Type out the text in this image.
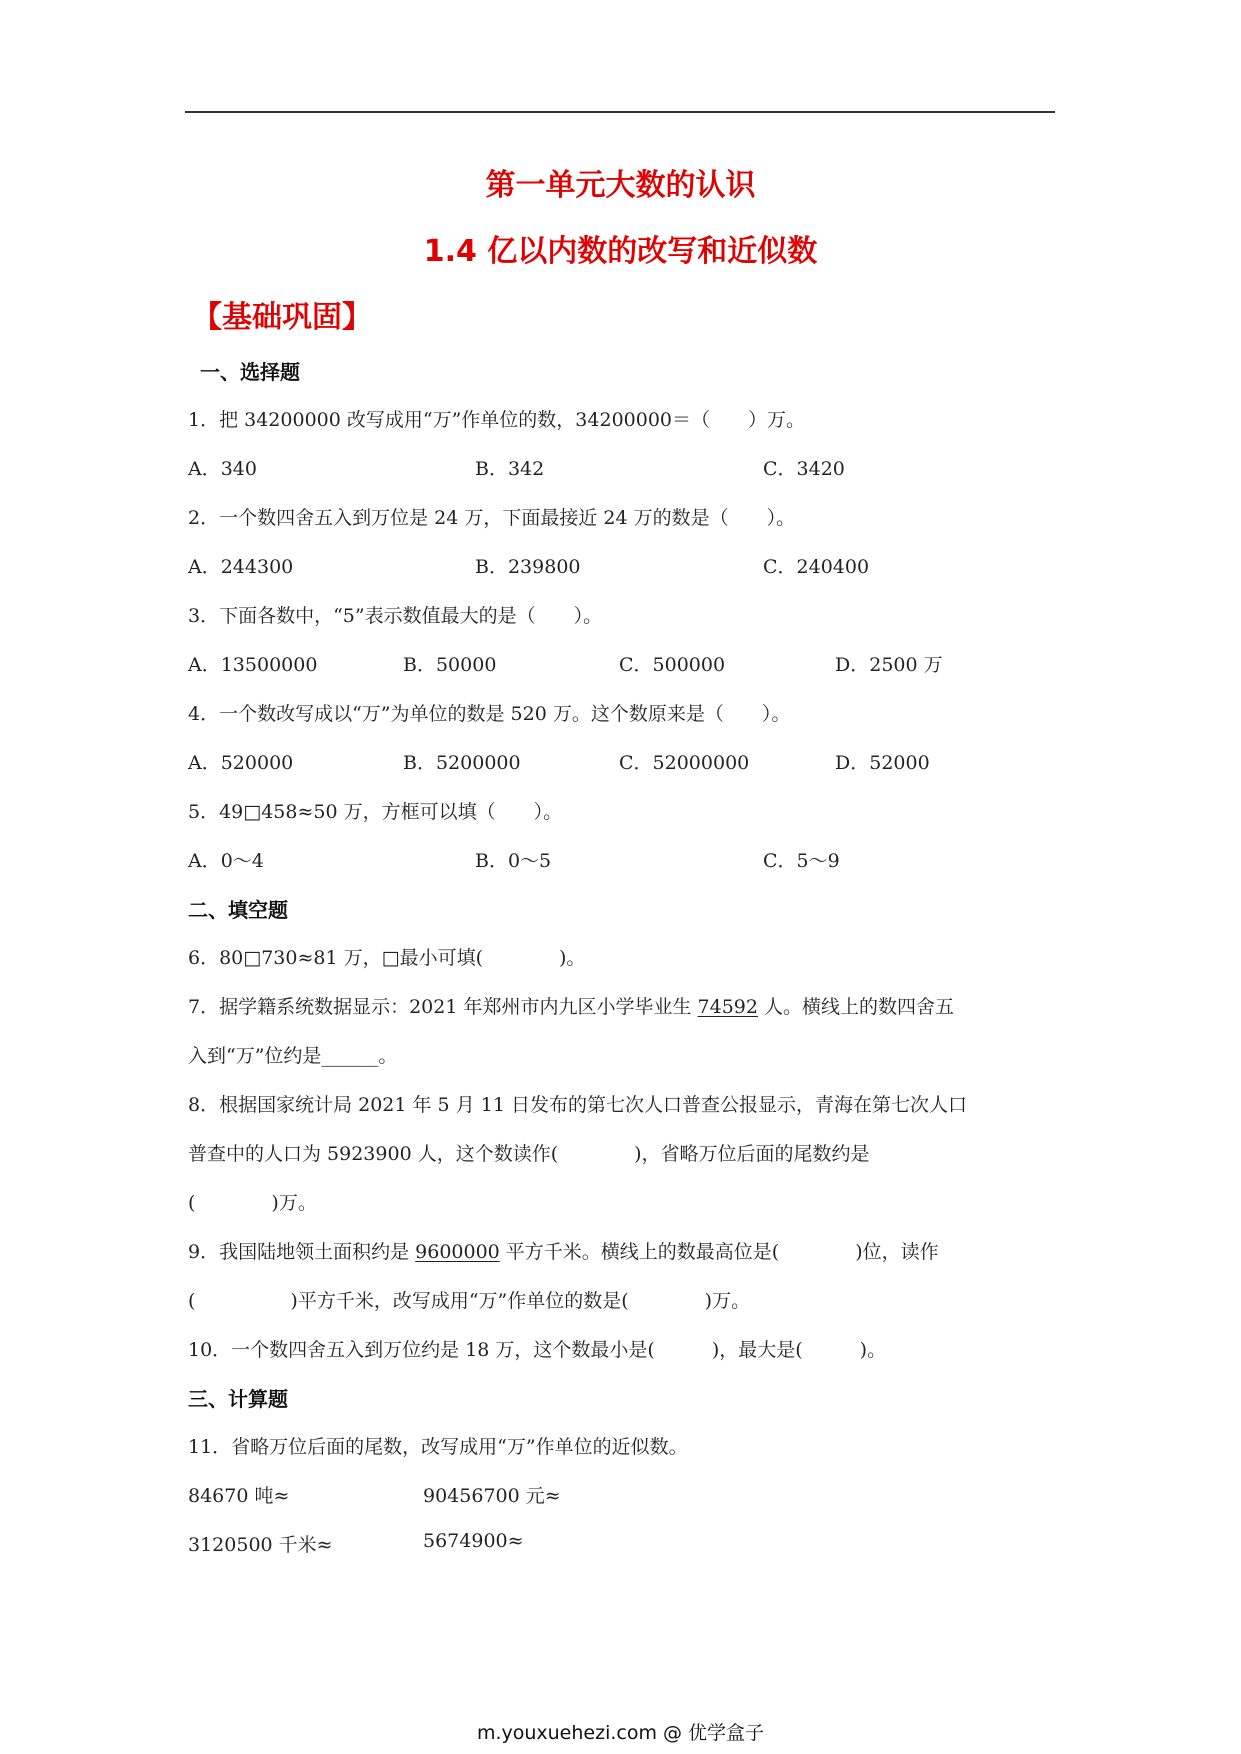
第一单元大数的认识
1.4 亿以内数的改写和近似数
【基础巩固】
一、选择题
1．把 34200000 改写成用“万”作单位的数，34200000＝（　　）万。
A．340	B．342	C．3420
2．一个数四舍五入到万位是 24 万，下面最接近 24 万的数是（　　）。
A．244300	B．239800	C．240400
3．下面各数中，“5”表示数值最大的是（　　）。
A．13500000	B．50000	C．500000	D．2500 万
4．一个数改写成以“万”为单位的数是 520 万。这个数原来是（　　）。
A．520000	B．5200000	C．52000000	D．52000
5．49□458≈50 万，方框可以填（　　）。
A．0～4	B．0～5	C．5～9
二、填空题
6．80□730≈81 万，□最小可填(　　　　)。
7．据学籍系统数据显示：2021 年郑州市内九区小学毕业生 74592 人。横线上的数四舍五
入到“万”位约是______。
8．根据国家统计局 2021 年 5 月 11 日发布的第七次人口普查公报显示，青海在第七次人口
普查中的人口为 5923900 人，这个数读作(　　　　)，省略万位后面的尾数约是
(　　　　)万。
9．我国陆地领土面积约是 9600000 平方千米。横线上的数最高位是(　　　　)位，读作
(　　　　　)平方千米，改写成用“万”作单位的数是(　　　　)万。
10．一个数四舍五入到万位约是 18 万，这个数最小是(　　　)，最大是(　　　)。
三、计算题
11．省略万位后面的尾数，改写成用“万”作单位的近似数。
84670 吨≈	90456700 元≈
3120500 千米≈	5674900≈
m.youxuehezi.com @ 优学盒子
